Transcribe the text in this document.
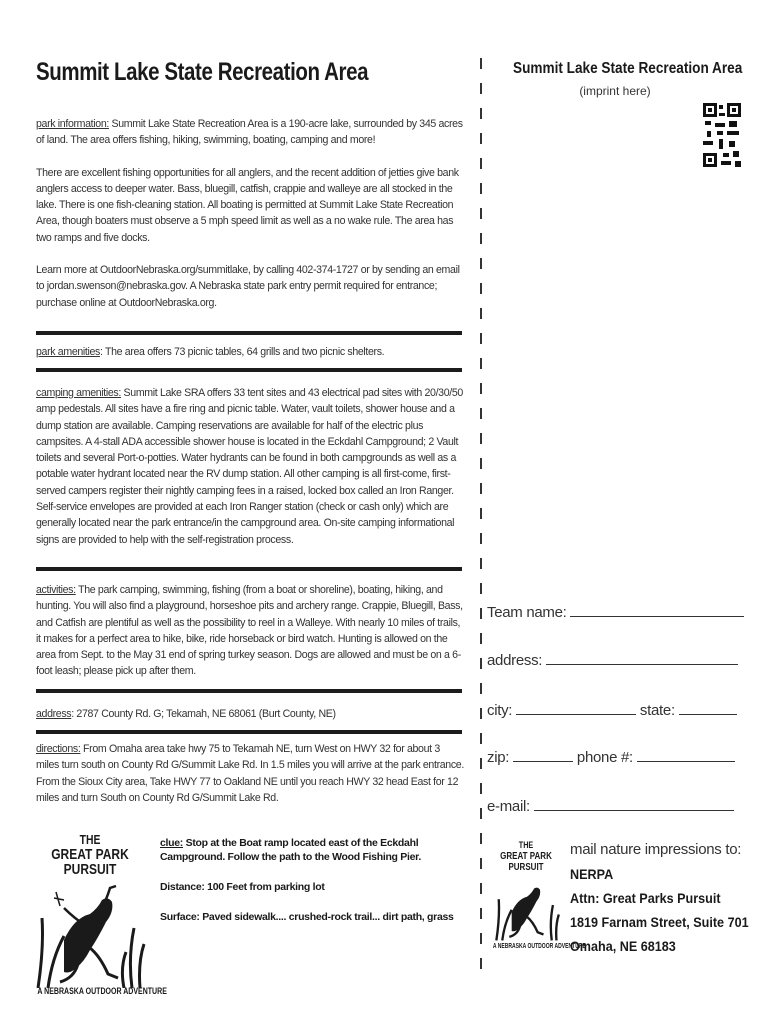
Summit Lake State Recreation Area

park information: Summit Lake State Recreation Area is a 190-acre lake, surrounded by 345 acres of land. The area offers fishing, hiking, swimming, boating, camping and more!

There are excellent fishing opportunities for all anglers, and the recent addition of jetties give bank anglers access to deeper water. Bass, bluegill, catfish, crappie and walleye are all stocked in the lake. There is one fish-cleaning station. All boating is permitted at Summit Lake State Recreation Area, though boaters must observe a 5 mph speed limit as well as a no wake rule. The area has two ramps and five docks.

Learn more at OutdoorNebraska.org/summitlake, by calling 402-374-1727 or by sending an email to jordan.swenson@nebraska.gov. A Nebraska state park entry permit required for entrance; purchase online at OutdoorNebraska.org.

park amenities: The area offers 73 picnic tables, 64 grills and two picnic shelters.
camping amenities: Summit Lake SRA offers 33 tent sites and 43 electrical pad sites with 20/30/50 amp pedestals. All sites have a fire ring and picnic table. Water, vault toilets, shower house and a dump station are available. Camping reservations are available for half of the electric plus campsites. A 4-stall ADA accessible shower house is located in the Eckdahl Campground; 2 Vault toilets and several Port-o-potties. Water hydrants can be found in both campgrounds as well as a potable water hydrant located near the RV dump station. All other camping is all first-come, first-served campers register their nightly camping fees in a raised, locked box called an Iron Ranger. Self-service envelopes are provided at each Iron Ranger station (check or cash only) which are generally located near the park entrance/in the campground area. On-site camping informational signs are provided to help with the self-registration process.
activities: The park camping, swimming, fishing (from a boat or shoreline), boating, hiking, and hunting. You will also find a playground, horseshoe pits and archery range. Crappie, Bluegill, Bass, and Catfish are plentiful as well as the possibility to reel in a Walleye. With nearly 10 miles of trails, it makes for a perfect area to hike, bike, ride horseback or bird watch. Hunting is allowed on the area from Sept. to the May 31 end of spring turkey season. Dogs are allowed and must be on a 6-foot leash; please pick up after them.
address: 2787 County Rd. G; Tekamah, NE 68061 (Burt County, NE)
directions: From Omaha area take hwy 75 to Tekamah NE, turn West on HWY 32 for about 3 miles turn south on County Rd G/Summit Lake Rd. In 1.5 miles you will arrive at the park entrance.
From the Sioux City area, Take HWY 77 to Oakland NE until you reach HWY 32 head East for 12 miles and turn South on County Rd G/Summit Lake Rd.
THE
GREAT PARK
PURSUIT
A NEBRASKA OUTDOOR ADVENTURE

clue: Stop at the Boat ramp located east of the Eckdahl Campground. Follow the path to the Wood Fishing Pier.

Distance: 100 Feet from parking lot

Surface: Paved sidewalk.... crushed-rock trail... dirt path, grass

Summit Lake State Recreation Area
(imprint here)
Team name:
address:
city:	state:
zip:	phone #:
e-mail:
THE
GREAT PARK
PURSUIT
A NEBRASKA OUTDOOR ADVENTURE
mail nature impressions to:
NERPA
Attn: Great Parks Pursuit
1819 Farnam Street, Suite 701
Omaha, NE 68183
